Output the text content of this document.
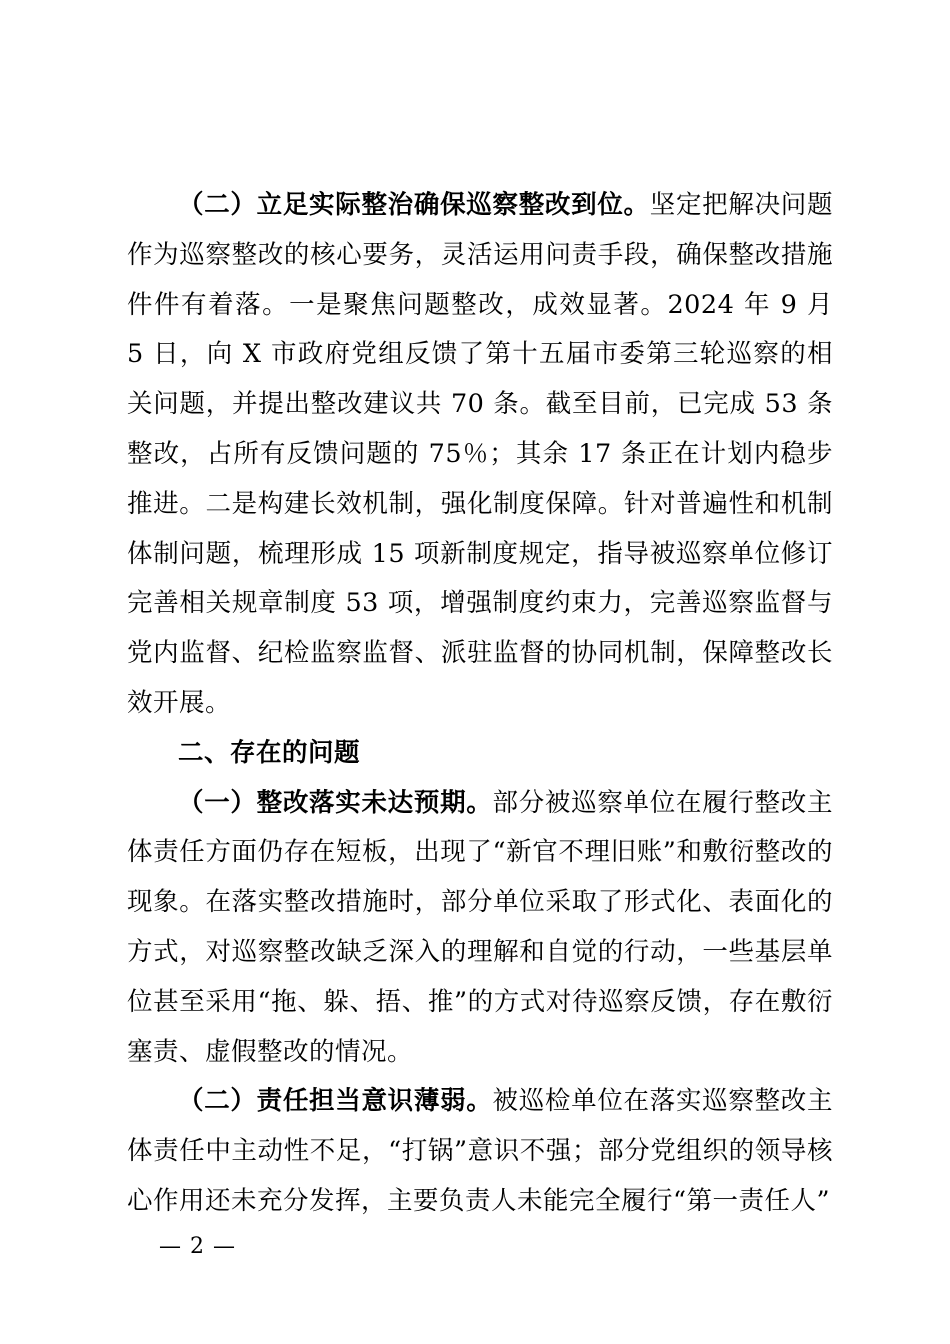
（二）立足实际整治确保巡察整改到位。坚定把解决问题作为巡察整改的核心要务，灵活运用问责手段，确保整改措施件件有着落。一是聚焦问题整改，成效显著。2024 年 9 月 5 日，向 X 市政府党组反馈了第十五届市委第三轮巡察的相关问题，并提出整改建议共 70 条。截至目前，已完成 53 条整改，占所有反馈问题的 75％；其余 17 条正在计划内稳步推进。二是构建长效机制，强化制度保障。针对普遍性和机制体制问题，梳理形成 15 项新制度规定，指导被巡察单位修订完善相关规章制度 53 项，增强制度约束力，完善巡察监督与党内监督、纪检监察监督、派驻监督的协同机制，保障整改长效开展。

二、存在的问题

（一）整改落实未达预期。部分被巡察单位在履行整改主体责任方面仍存在短板，出现了“新官不理旧账”和敷衍整改的现象。在落实整改措施时，部分单位采取了形式化、表面化的方式，对巡察整改缺乏深入的理解和自觉的行动，一些基层单位甚至采用“拖、躲、捂、推”的方式对待巡察反馈，存在敷衍塞责、虚假整改的情况。

（二）责任担当意识薄弱。被巡检单位在落实巡察整改主体责任中主动性不足，“打锅”意识不强；部分党组织的领导核心作用还未充分发挥，主要负责人未能完全履行“第一责任人”

— 2 —
